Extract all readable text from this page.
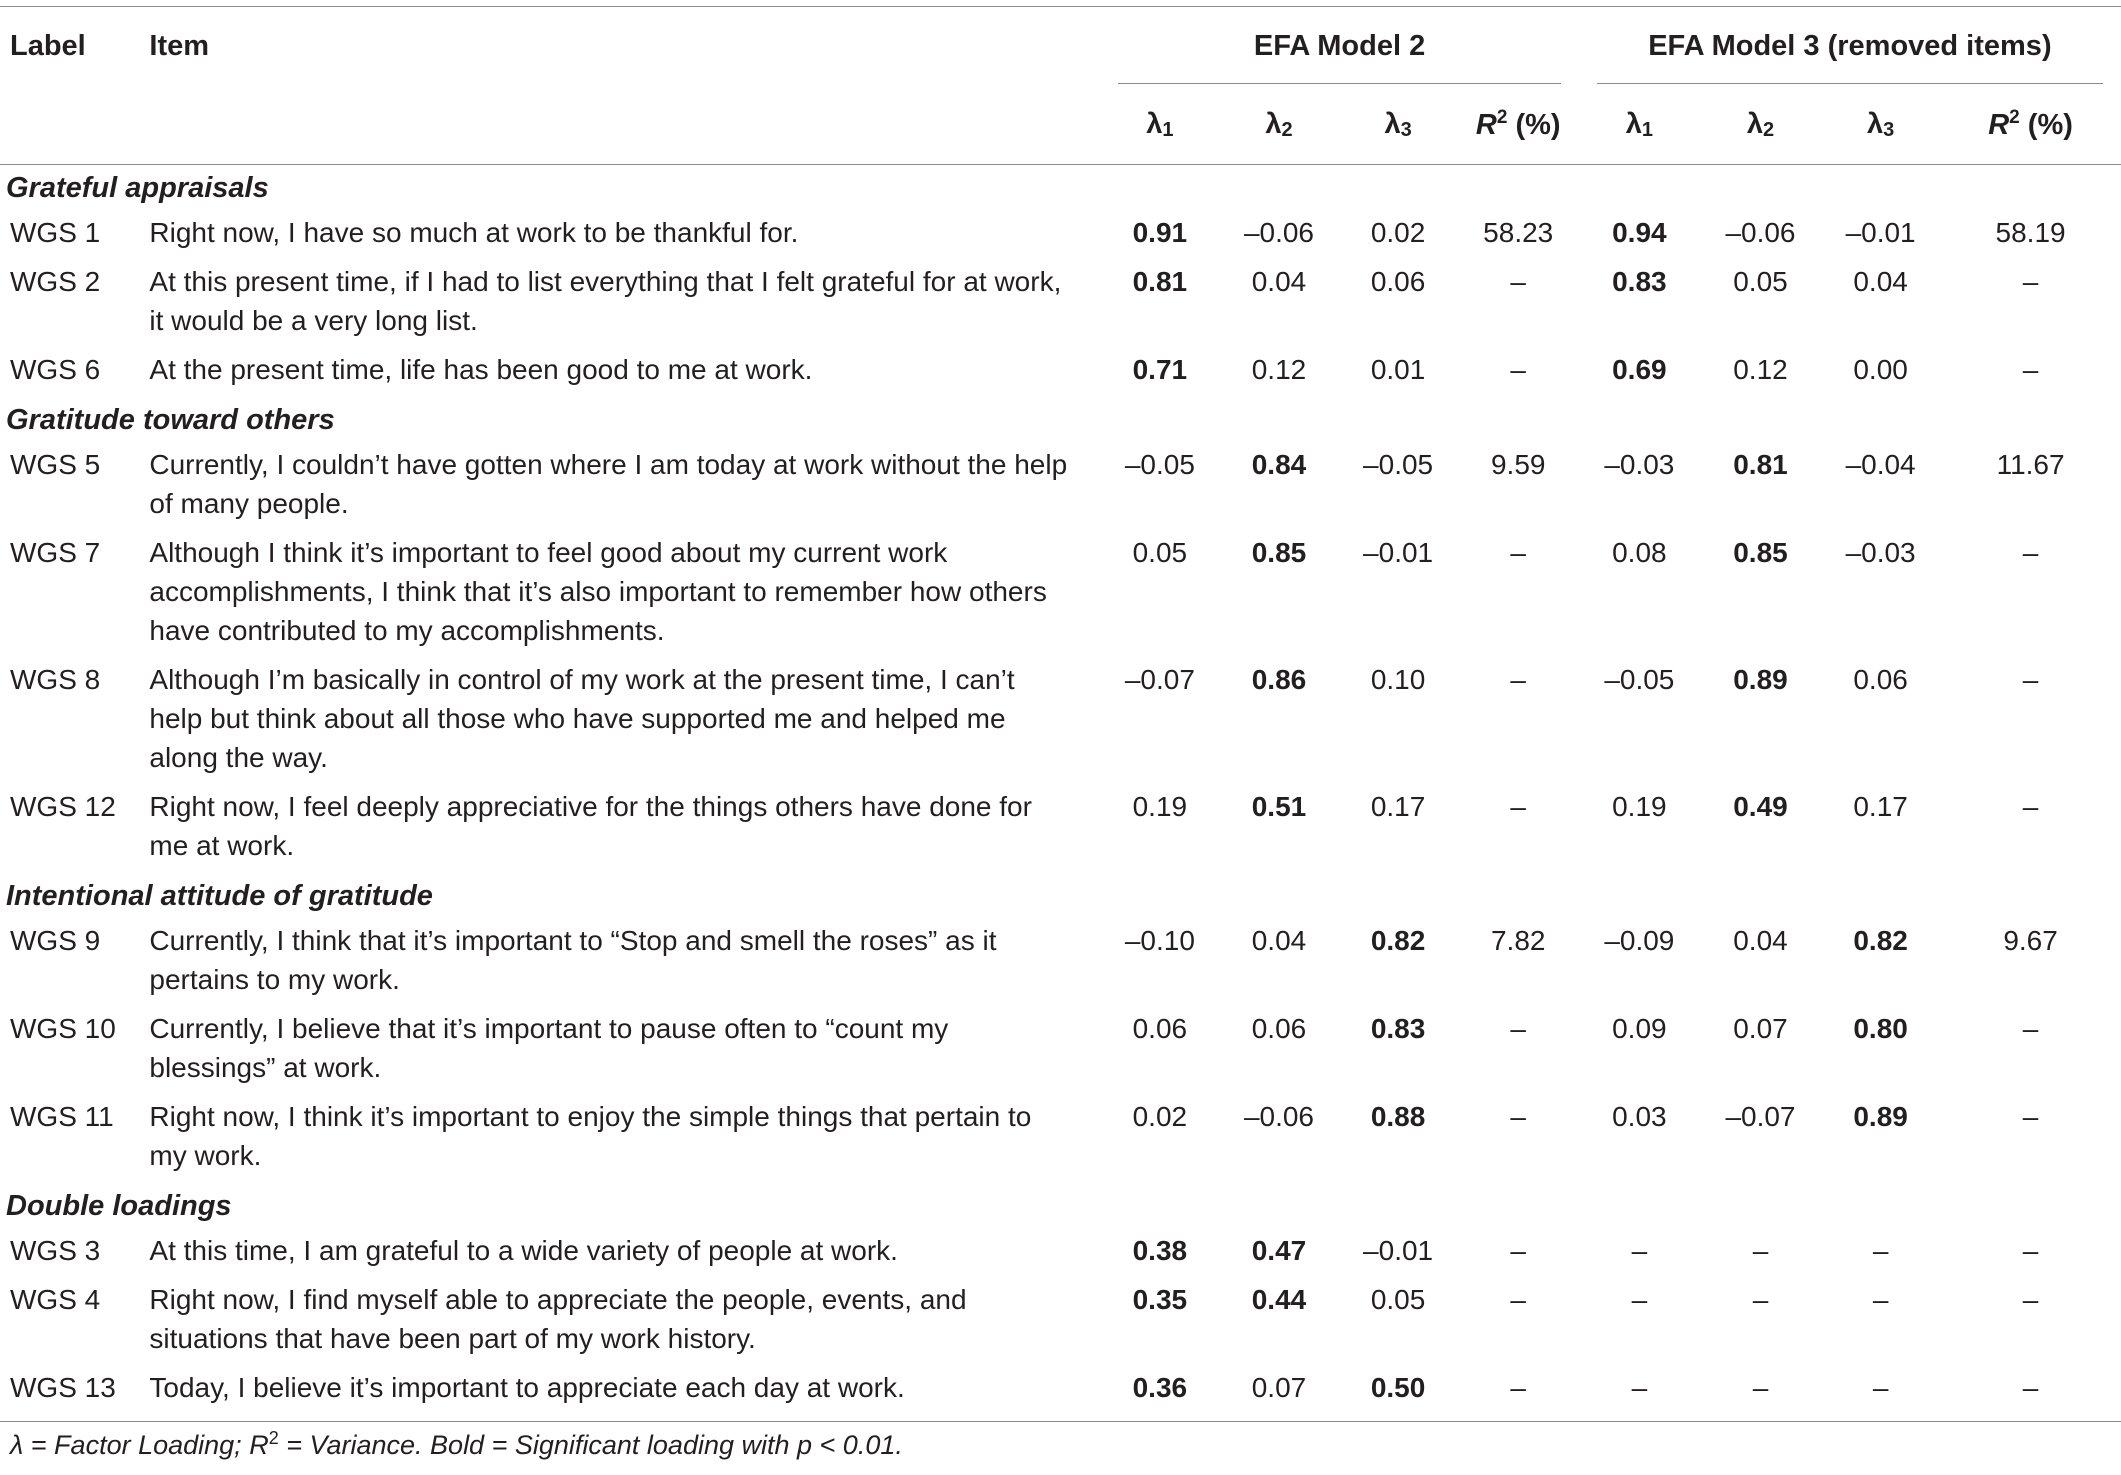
Label	Item	EFA Model 2				EFA Model 3 (removed items)			

		$\lambda_1$	$\lambda_2$	$\lambda_3$	$R^2$ (%)	$\lambda_1$	$\lambda_2$	$\lambda_3$	$R^2$ (%)
Grateful appraisals									
WGS 1	Right now, I have so much at work to be thankful for.	0.91	–0.06	0.02	58.23	0.94	–0.06	–0.01	58.19
WGS 2	At this present time, if I had to list everything that I felt grateful for at work, it would be a very long list.	0.81	0.04	0.06	–	0.83	0.05	0.04	–
WGS 6	At the present time, life has been good to me at work.	0.71	0.12	0.01	–	0.69	0.12	0.00	–
Gratitude toward others									
WGS 5	Currently, I couldn’t have gotten where I am today at work without the help of many people.	–0.05	0.84	–0.05	9.59	–0.03	0.81	–0.04	11.67
WGS 7	Although I think it’s important to feel good about my current work accomplishments, I think that it’s also important to remember how others have contributed to my accomplishments.	0.05	0.85	–0.01	–	0.08	0.85	–0.03	–
WGS 8	Although I’m basically in control of my work at the present time, I can’t help but think about all those who have supported me and helped me along the way.	–0.07	0.86	0.10	–	–0.05	0.89	0.06	–
WGS 12	Right now, I feel deeply appreciative for the things others have done for me at work.	0.19	0.51	0.17	–	0.19	0.49	0.17	–
Intentional attitude of gratitude									
WGS 9	Currently, I think that it’s important to “Stop and smell the roses” as it pertains to my work.	–0.10	0.04	0.82	7.82	–0.09	0.04	0.82	9.67
WGS 10	Currently, I believe that it’s important to pause often to “count my blessings” at work.	0.06	0.06	0.83	–	0.09	0.07	0.80	–
WGS 11	Right now, I think it’s important to enjoy the simple things that pertain to my work.	0.02	–0.06	0.88	–	0.03	–0.07	0.89	–
Double loadings									
WGS 3	At this time, I am grateful to a wide variety of people at work.	0.38	0.47	–0.01	–	–	–	–	–
WGS 4	Right now, I find myself able to appreciate the people, events, and situations that have been part of my work history.	0.35	0.44	0.05	–	–	–	–	–
WGS 13	Today, I believe it’s important to appreciate each day at work.	0.36	0.07	0.50	–	–	–	–	–
λ = Factor Loading; $R^2$ = Variance. Bold = Significant loading with p < 0.01.
